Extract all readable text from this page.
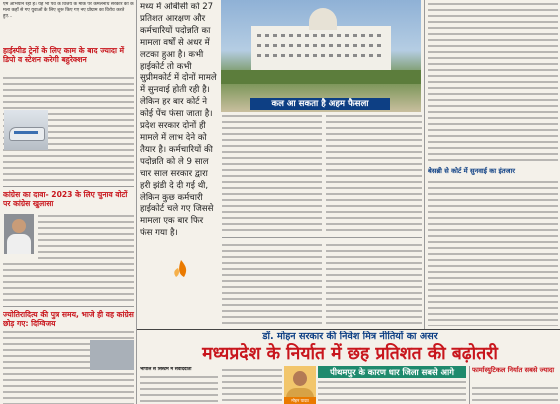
एम अभियान रही है। यह भी पर्व के विजय के मौके पर कमलनाथ सरकार की कमला कहाँ से गए युवाओं के लिए शुरू किए गए नए प्रोग्राम का विरोध करते हुए...

हाईस्पीड ट्रेनों के लिए काम के बाद ज्यादा में डिपो व स्टेशन करेगी बहुरेक्शन
कांग्रेस का दावा- 2023 के लिए चुनाव वोटों पर कांग्रेस खुलासा
ज्योतिरादित्य की पुत्र समय, भाजे ही वह कांग्रेस छोड़ गए: दिग्विजय
मध्य में ओबीसी को 27 प्रतिशत आरक्षण और कर्मचारियों पदोन्नति का मामला वर्षों से अधर में लटका हुआ है। कभी हाईकोर्ट तो कभी सुप्रीमकोर्ट में दोनों मामले में सुनवाई होती रही है। लेकिन हर बार कोर्ट ने कोई पेंच फंसा जाता है। प्रदेश सरकार दोनों ही मामले में लाभ देने को तैयार है। कर्मचारियों की पदोन्नति को ले 9 साल चार साल सरकार द्वारा हरी झंडी दे दी गई थी, लेकिन कुछ कर्मचारी हाईकोर्ट चले गए जिससे मामला एक बार फिर फंस गया है।
कल आ सकता है अहम फैसला
बेसब्री से कोर्ट में सुनवाई का इंतजार
डॉ. मोहन सरकार की निवेश मित्र नीतियों का असर
मध्यप्रदेश के निर्यात में छह प्रतिशत की बढ़ोतरी
भोपाल से सिस्टम में संवाददाता
मोहन यादव
पीथमपुर के कारण धार जिला सबसे आगे	फार्मास्युटिकल निर्यात सबसे ज्यादा
